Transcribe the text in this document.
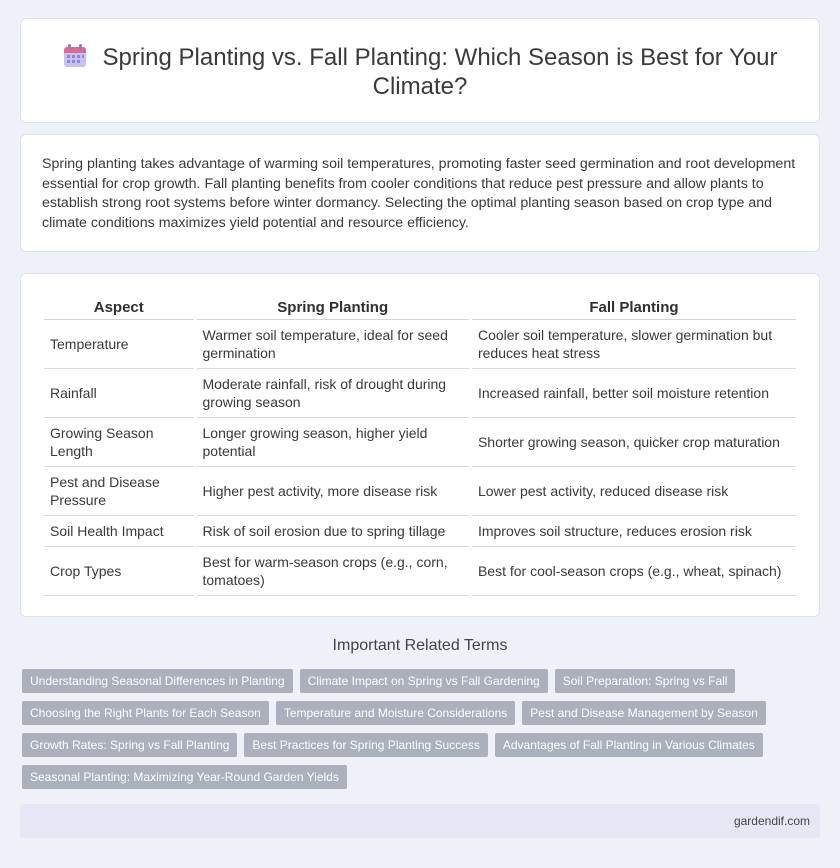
Spring Planting vs. Fall Planting: Which Season is Best for Your Climate?

Spring planting takes advantage of warming soil temperatures, promoting faster seed germination and root development essential for crop growth. Fall planting benefits from cooler conditions that reduce pest pressure and allow plants to establish strong root systems before winter dormancy. Selecting the optimal planting season based on crop type and climate conditions maximizes yield potential and resource efficiency.

Aspect	Spring Planting	Fall Planting
Temperature	Warmer soil temperature, ideal for seed germination	Cooler soil temperature, slower germination but reduces heat stress
Rainfall	Moderate rainfall, risk of drought during growing season	Increased rainfall, better soil moisture retention
Growing Season Length	Longer growing season, higher yield potential	Shorter growing season, quicker crop maturation
Pest and Disease Pressure	Higher pest activity, more disease risk	Lower pest activity, reduced disease risk
Soil Health Impact	Risk of soil erosion due to spring tillage	Improves soil structure, reduces erosion risk
Crop Types	Best for warm-season crops (e.g., corn, tomatoes)	Best for cool-season crops (e.g., wheat, spinach)
Important Related Terms
Understanding Seasonal Differences in Planting	Climate Impact on Spring vs Fall Gardening	Soil Preparation: Spring vs Fall
Choosing the Right Plants for Each Season	Temperature and Moisture Considerations	Pest and Disease Management by Season
Growth Rates: Spring vs Fall Planting	Best Practices for Spring Planting Success	Advantages of Fall Planting in Various Climates
Seasonal Planting: Maximizing Year-Round Garden Yields
gardendif.com
